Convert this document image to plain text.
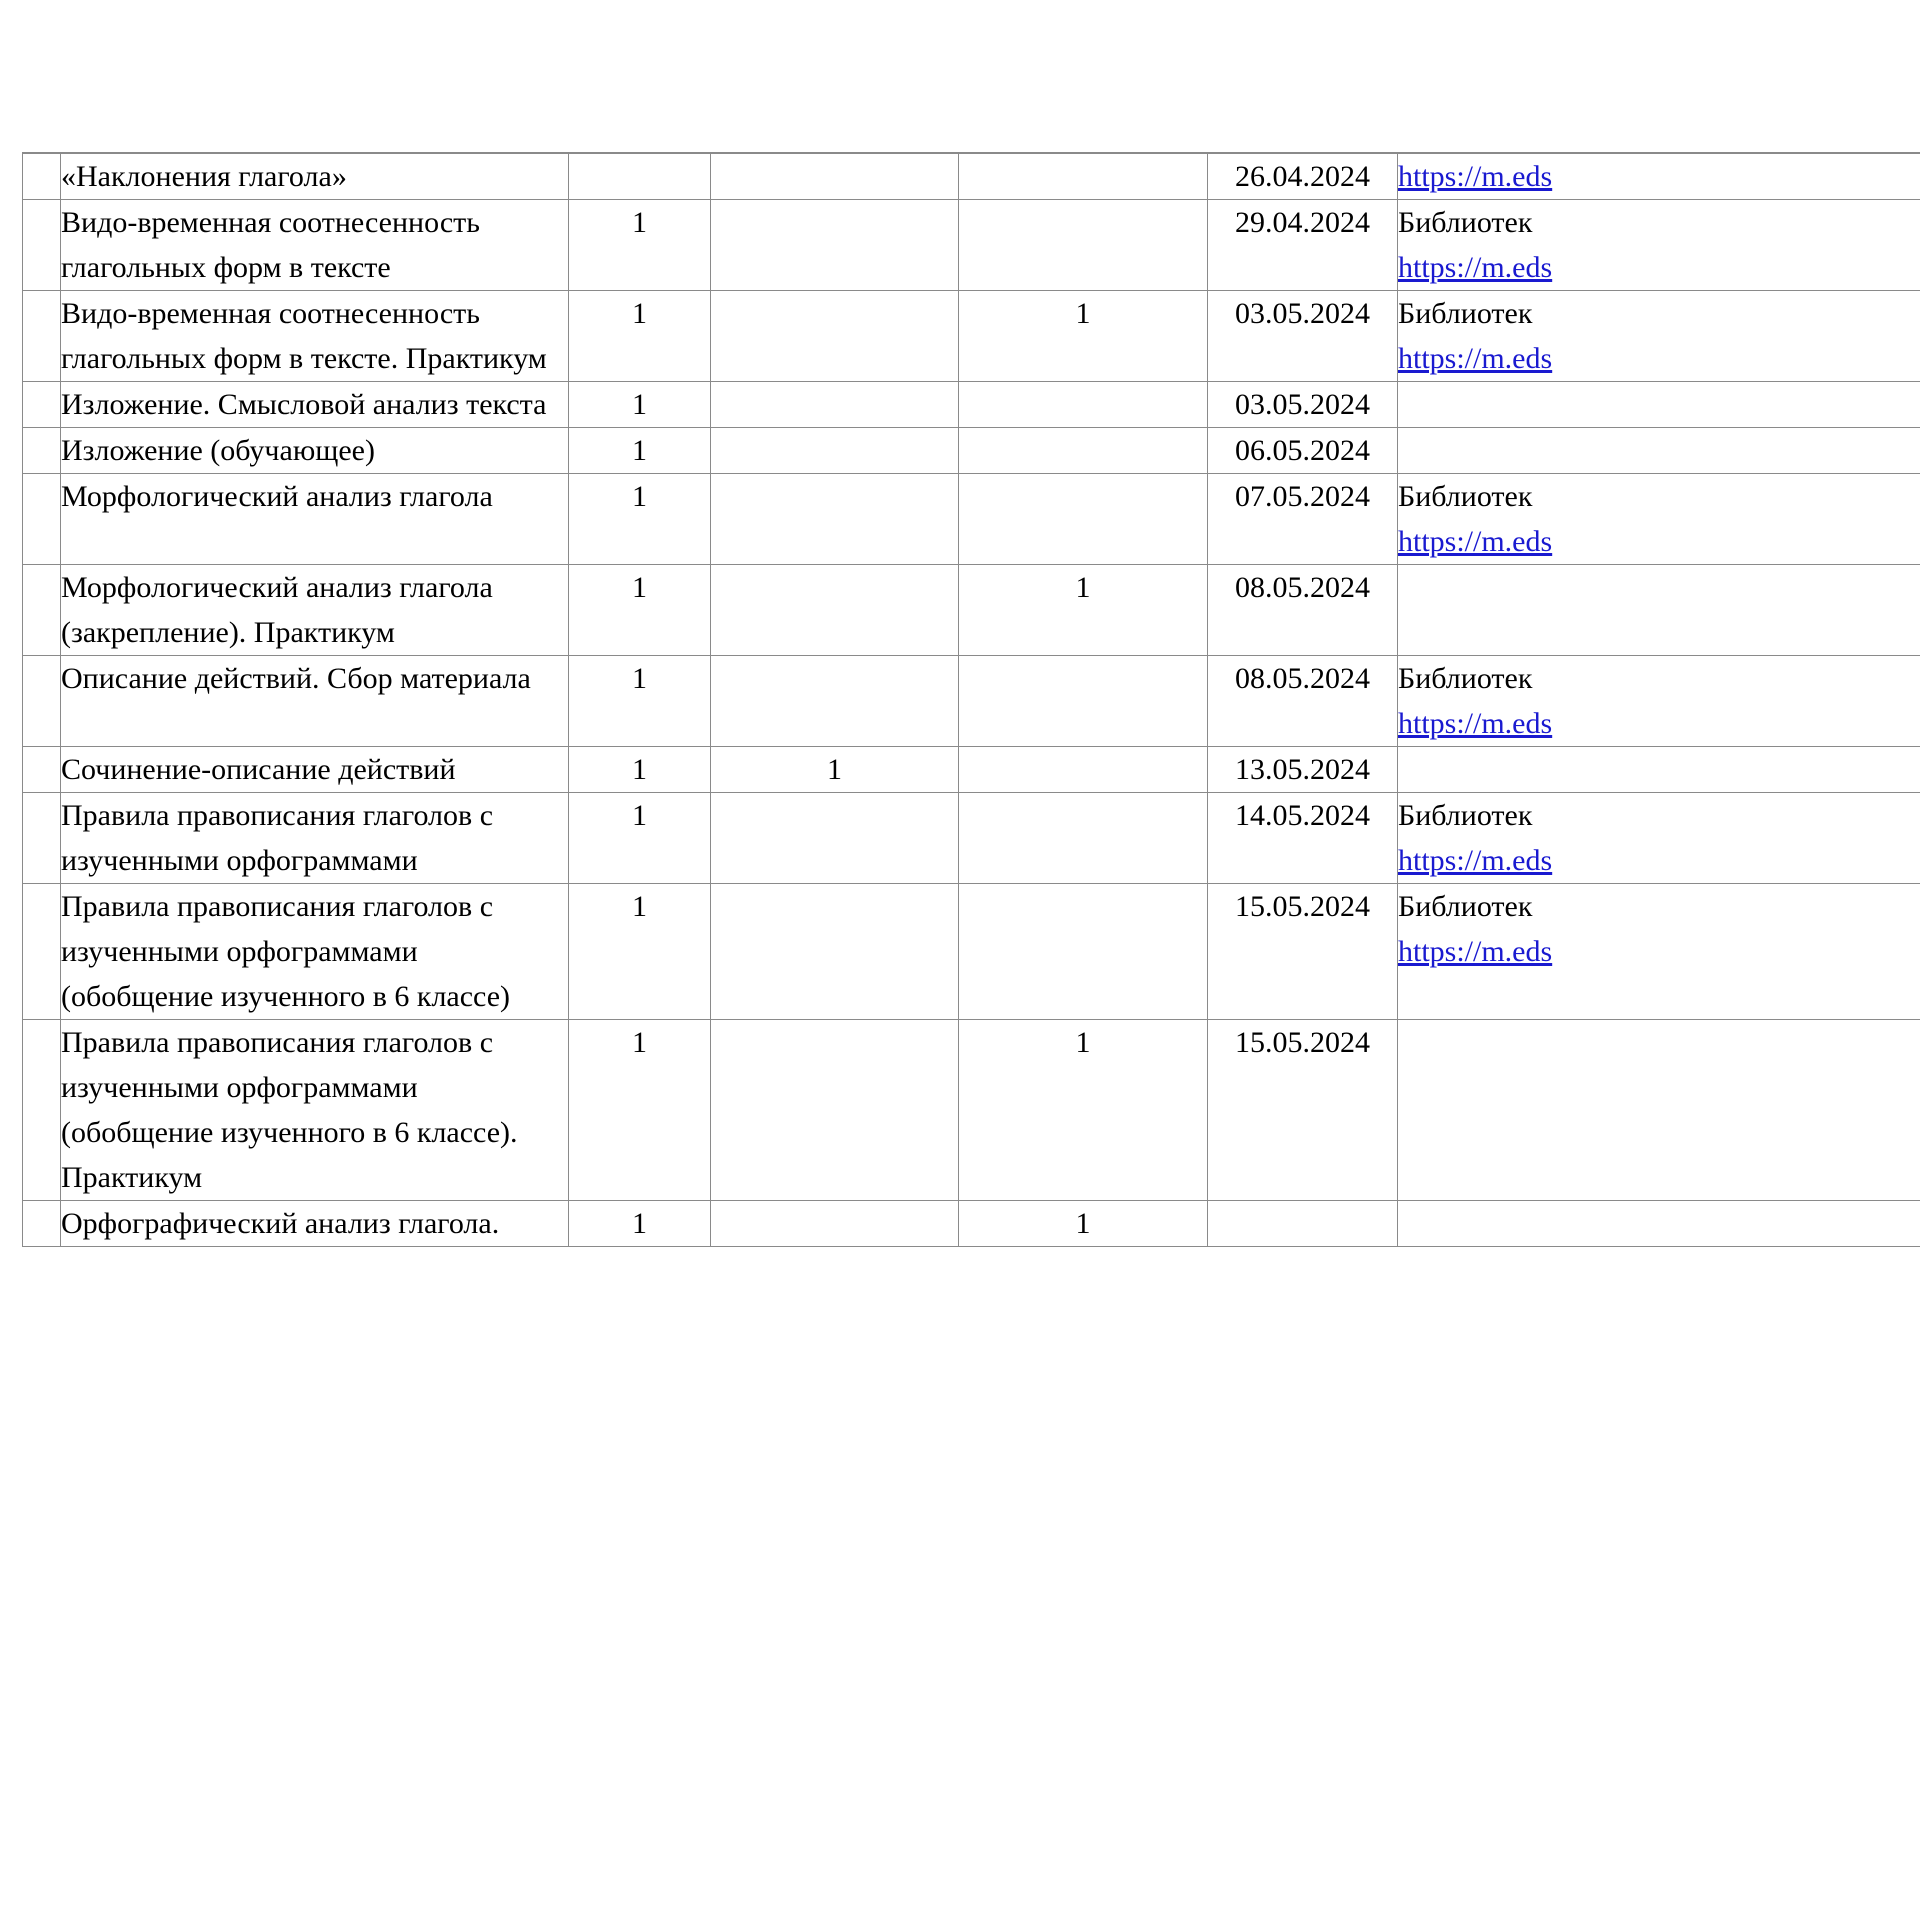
	«Наклонения глагола»				26.04.2024	https://m.eds

	Видо-временная соотнесенность глагольных форм в тексте	1			29.04.2024	Библиотек
https://m.eds

	Видо-временная соотнесенность глагольных форм в тексте. Практикум	1		1	03.05.2024	Библиотек
https://m.eds

	Изложение. Смысловой анализ текста	1			03.05.2024	
	Изложение (обучающее)	1			06.05.2024	
	Морфологический анализ глагола	1			07.05.2024	Библиотек
https://m.eds

	Морфологический анализ глагола (закрепление). Практикум	1		1	08.05.2024	
	Описание действий. Сбор материала	1			08.05.2024	Библиотек
https://m.eds

	Сочинение-описание действий	1	1		13.05.2024	
	Правила правописания глаголов с изученными орфограммами	1			14.05.2024	Библиотек
https://m.eds

	Правила правописания глаголов с изученными орфограммами (обобщение изученного в 6 классе)	1			15.05.2024	Библиотек
https://m.eds

	Правила правописания глаголов с изученными орфограммами (обобщение изученного в 6 классе). Практикум	1		1	15.05.2024	
	Орфографический анализ глагола.	1		1		
